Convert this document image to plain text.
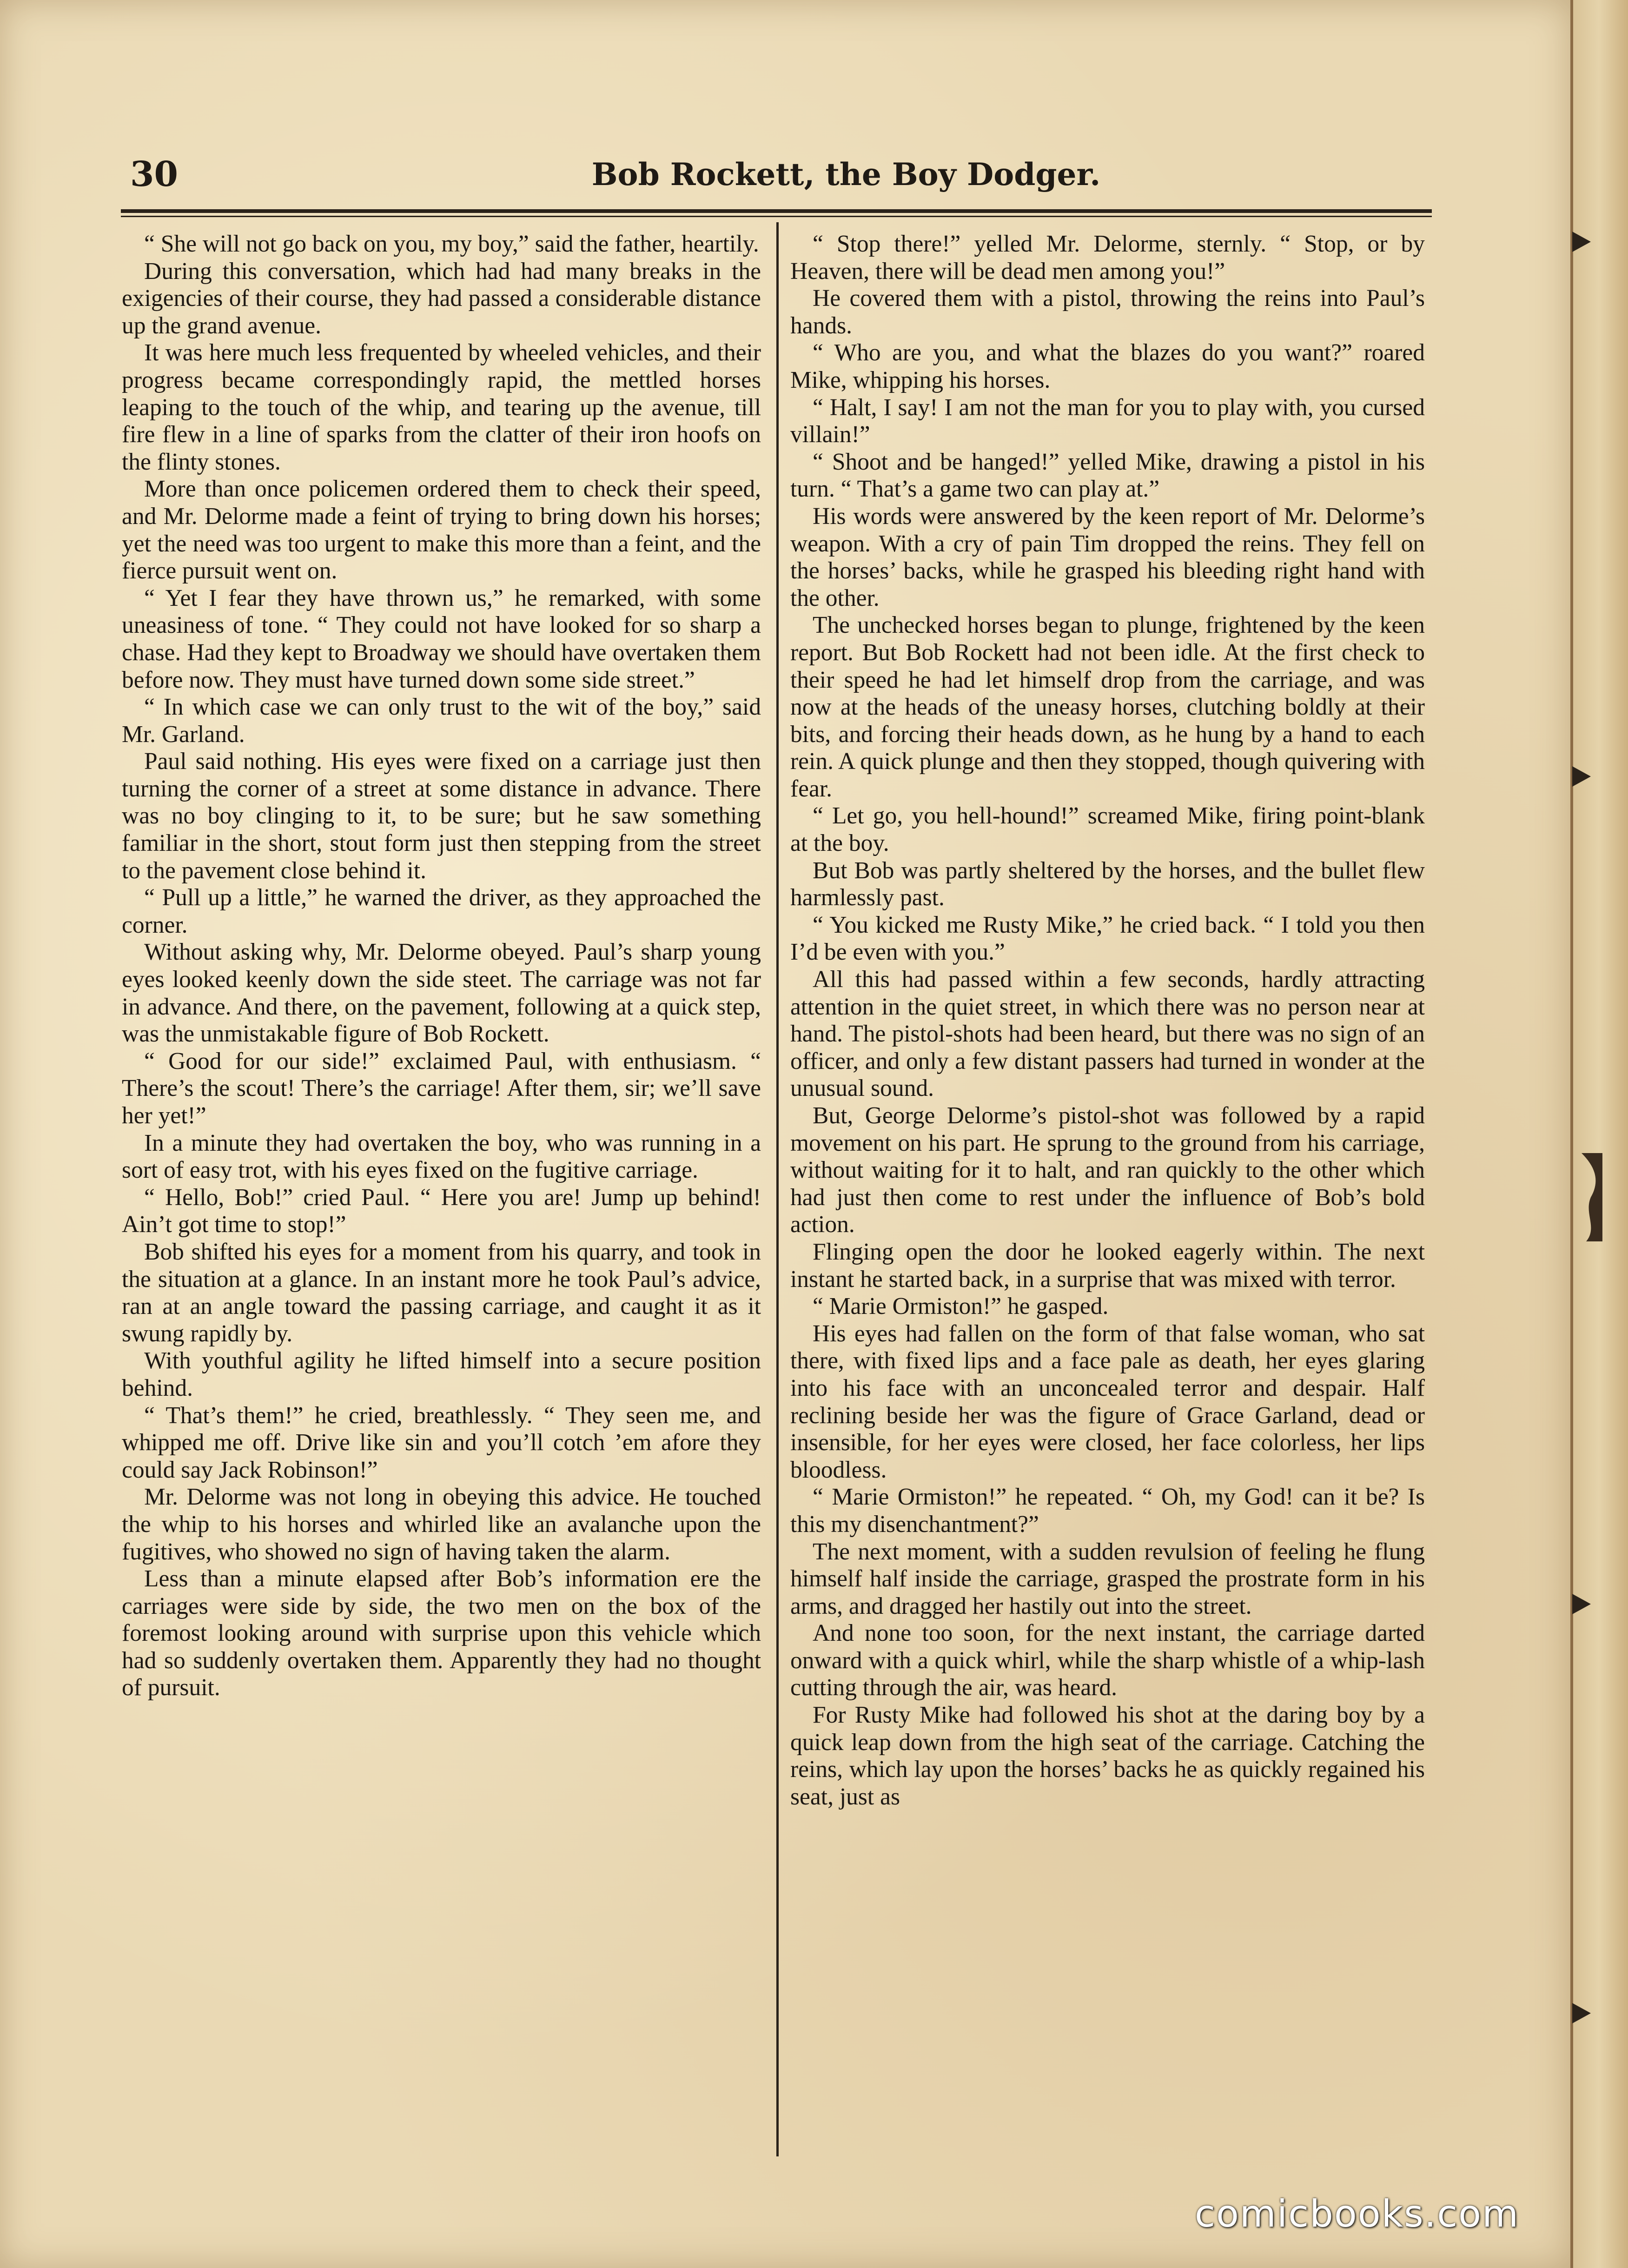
30	Bob Rockett, the Boy Dodger.

“ She will not go back on you, my boy,” said the father, heartily.

During this conversation, which had had many breaks in the exigencies of their course, they had passed a considerable distance up the grand avenue.

It was here much less frequented by wheeled vehicles, and their progress became correspondingly rapid, the mettled horses leaping to the touch of the whip, and tearing up the avenue, till fire flew in a line of sparks from the clatter of their iron hoofs on the flinty stones.

More than once policemen ordered them to check their speed, and Mr. Delorme made a feint of trying to bring down his horses; yet the need was too urgent to make this more than a feint, and the fierce pursuit went on.

“ Yet I fear they have thrown us,” he remarked, with some uneasiness of tone. “ They could not have looked for so sharp a chase. Had they kept to Broadway we should have overtaken them before now. They must have turned down some side street.”

“ In which case we can only trust to the wit of the boy,” said Mr. Garland.

Paul said nothing. His eyes were fixed on a carriage just then turning the corner of a street at some distance in advance. There was no boy clinging to it, to be sure; but he saw something familiar in the short, stout form just then stepping from the street to the pavement close behind it.

“ Pull up a little,” he warned the driver, as they approached the corner.

Without asking why, Mr. Delorme obeyed. Paul’s sharp young eyes looked keenly down the side steet. The carriage was not far in advance. And there, on the pavement, following at a quick step, was the unmistakable figure of Bob Rockett.

“ Good for our side!” exclaimed Paul, with enthusiasm. “ There’s the scout! There’s the carriage! After them, sir; we’ll save her yet!”

In a minute they had overtaken the boy, who was running in a sort of easy trot, with his eyes fixed on the fugitive carriage.

“ Hello, Bob!” cried Paul. “ Here you are! Jump up behind! Ain’t got time to stop!”

Bob shifted his eyes for a moment from his quarry, and took in the situation at a glance. In an instant more he took Paul’s advice, ran at an angle toward the passing carriage, and caught it as it swung rapidly by.

With youthful agility he lifted himself into a secure position behind.

“ That’s them!” he cried, breathlessly. “ They seen me, and whipped me off. Drive like sin and you’ll cotch ’em afore they could say Jack Robinson!”

Mr. Delorme was not long in obeying this advice. He touched the whip to his horses and whirled like an avalanche upon the fugitives, who showed no sign of having taken the alarm.

Less than a minute elapsed after Bob’s information ere the carriages were side by side, the two men on the box of the foremost looking around with surprise upon this vehicle which had so suddenly overtaken them. Apparently they had no thought of pursuit.

“ Stop there!” yelled Mr. Delorme, sternly. “ Stop, or by Heaven, there will be dead men among you!”

He covered them with a pistol, throwing the reins into Paul’s hands.

“ Who are you, and what the blazes do you want?” roared Mike, whipping his horses.

“ Halt, I say! I am not the man for you to play with, you cursed villain!”

“ Shoot and be hanged!” yelled Mike, drawing a pistol in his turn. “ That’s a game two can play at.”

His words were answered by the keen report of Mr. Delorme’s weapon. With a cry of pain Tim dropped the reins. They fell on the horses’ backs, while he grasped his bleeding right hand with the other.

The unchecked horses began to plunge, frightened by the keen report. But Bob Rockett had not been idle. At the first check to their speed he had let himself drop from the carriage, and was now at the heads of the uneasy horses, clutching boldly at their bits, and forcing their heads down, as he hung by a hand to each rein. A quick plunge and then they stopped, though quivering with fear.

“ Let go, you hell-hound!” screamed Mike, firing point-blank at the boy.

But Bob was partly sheltered by the horses, and the bullet flew harmlessly past.

“ You kicked me Rusty Mike,” he cried back. “ I told you then I’d be even with you.”

All this had passed within a few seconds, hardly attracting attention in the quiet street, in which there was no person near at hand. The pistol-shots had been heard, but there was no sign of an officer, and only a few distant passers had turned in wonder at the unusual sound.

But, George Delorme’s pistol-shot was followed by a rapid movement on his part. He sprung to the ground from his carriage, without waiting for it to halt, and ran quickly to the other which had just then come to rest under the influence of Bob’s bold action.

Flinging open the door he looked eagerly within. The next instant he started back, in a surprise that was mixed with terror.

“ Marie Ormiston!” he gasped.

His eyes had fallen on the form of that false woman, who sat there, with fixed lips and a face pale as death, her eyes glaring into his face with an unconcealed terror and despair. Half reclining beside her was the figure of Grace Garland, dead or insensible, for her eyes were closed, her face colorless, her lips bloodless.

“ Marie Ormiston!” he repeated. “ Oh, my God! can it be? Is this my disenchantment?”

The next moment, with a sudden revulsion of feeling he flung himself half inside the carriage, grasped the prostrate form in his arms, and dragged her hastily out into the street.

And none too soon, for the next instant, the carriage darted onward with a quick whirl, while the sharp whistle of a whip-lash cutting through the air, was heard.

For Rusty Mike had followed his shot at the daring boy by a quick leap down from the high seat of the carriage. Catching the reins, which lay upon the horses’ backs he as quickly regained his seat, just as

comicbooks.com
